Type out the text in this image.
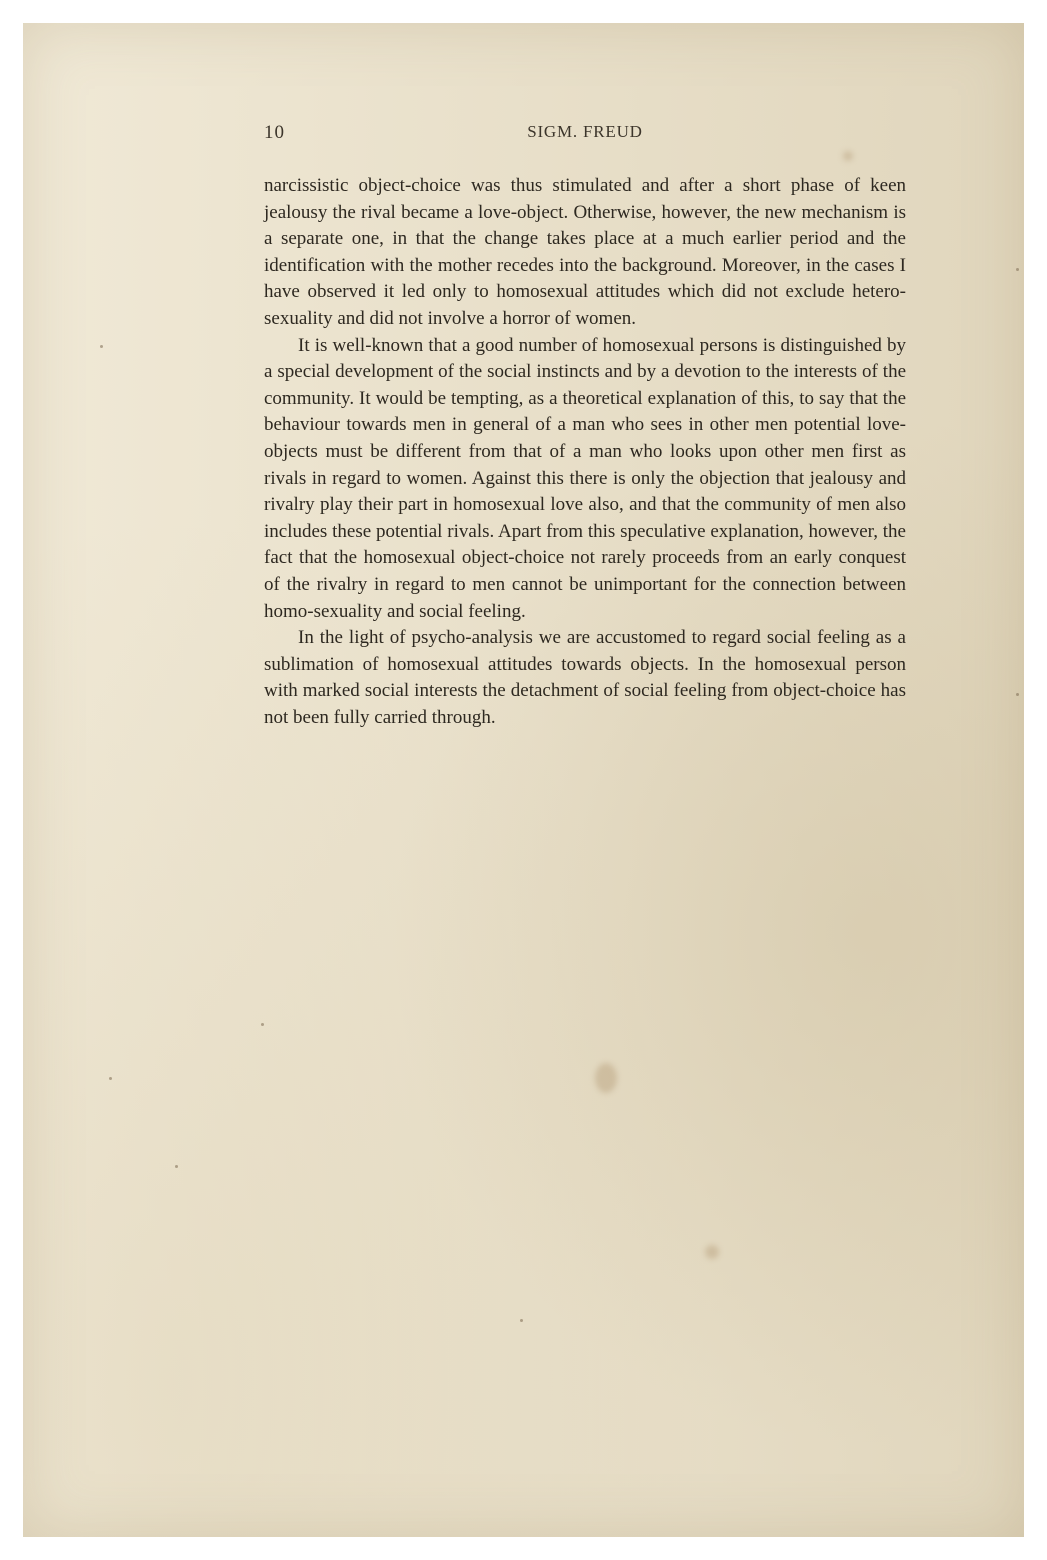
10	SIGM. FREUD

narcissistic object-choice was thus stimulated and after a short phase of keen jealousy the rival became a love-object. Otherwise, however, the new mechanism is a separate one, in that the change takes place at a much earlier period and the identification with the mother recedes into the background. Moreover, in the cases I have observed it led only to homosexual attitudes which did not exclude hetero-sexuality and did not involve a horror of women.

It is well-known that a good number of homosexual persons is distinguished by a special development of the social instincts and by a devotion to the interests of the community. It would be tempting, as a theoretical explanation of this, to say that the behaviour towards men in general of a man who sees in other men potential love-objects must be different from that of a man who looks upon other men first as rivals in regard to women. Against this there is only the objection that jealousy and rivalry play their part in homosexual love also, and that the community of men also includes these potential rivals. Apart from this speculative explanation, however, the fact that the homosexual object-choice not rarely proceeds from an early conquest of the rivalry in regard to men cannot be unimportant for the connection between homo-sexuality and social feeling.

In the light of psycho-analysis we are accustomed to regard social feeling as a sublimation of homosexual attitudes towards objects. In the homosexual person with marked social interests the detachment of social feeling from object-choice has not been fully carried through.
